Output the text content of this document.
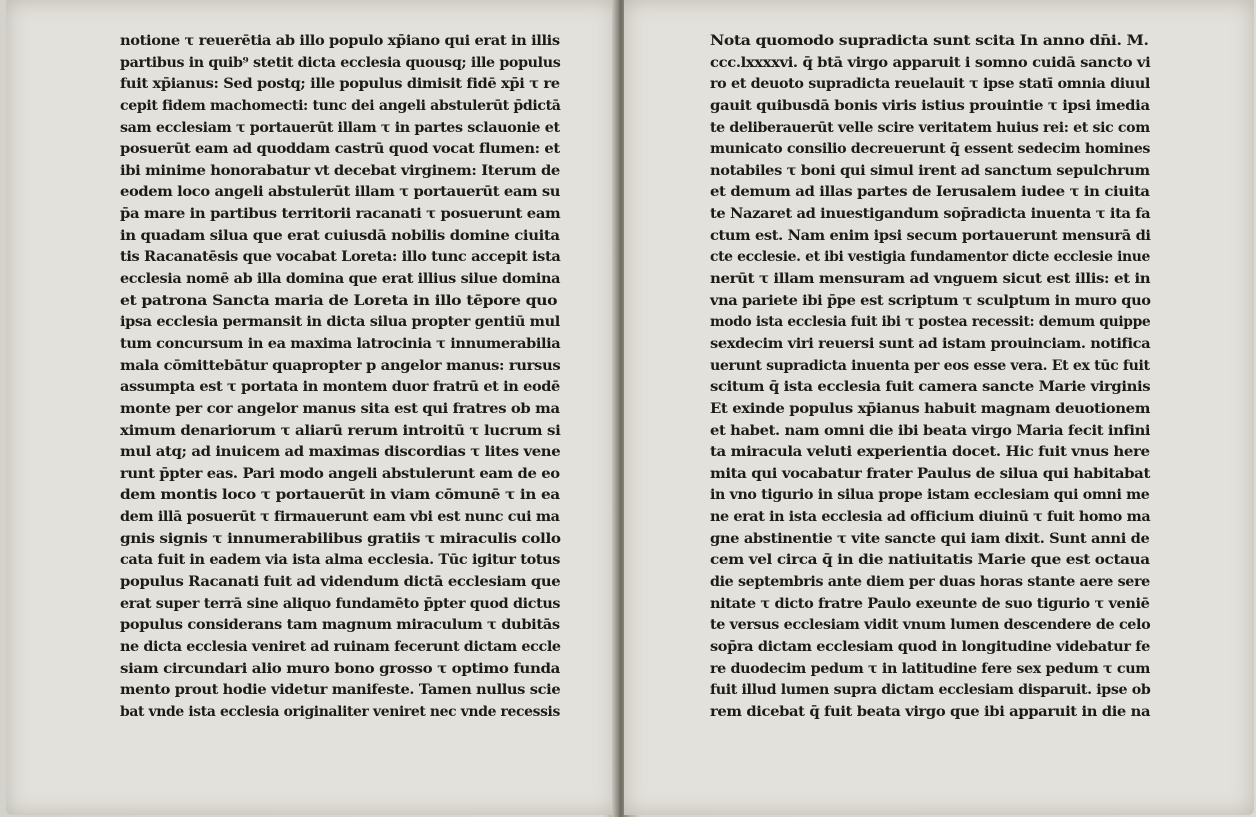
notione τ reuerētia ab illo populo xp̄iano qui erat in illis
partibus in quib⁹ stetit dicta ecclesia quousq; ille populus
fuit xp̄ianus: Sed postq; ille populus dimisit fidē xp̄i τ re
cepit fidem machomecti: tunc dei angeli abstulerūt p̄dictā
sam ecclesiam τ portauerūt illam τ in partes sclauonie et
posuerūt eam ad quoddam castrū quod vocat flumen: et
ibi minime honorabatur vt decebat virginem: Iterum de
eodem loco angeli abstulerūt illam τ portauerūt eam su
p̄a mare in partibus territorii racanati τ posuerunt eam
in quadam silua que erat cuiusdā nobilis domine ciuita
tis Racanatēsis que vocabat Loreta: illo tunc accepit ista
ecclesia nomē ab illa domina que erat illius silue domina
et patrona Sancta maria de Loreta in illo tēpore quo
ipsa ecclesia permansit in dicta silua propter gentiū mul
tum concursum in ea maxima latrocinia τ innumerabilia
mala cōmittebātur quapropter p angelor manus: rursus
assumpta est τ portata in montem duor fratrū et in eodē
monte per cor angelor manus sita est qui fratres ob ma
ximum denariorum τ aliarū rerum introitū τ lucrum si
mul atq; ad inuicem ad maximas discordias τ lites vene
runt p̄pter eas. Pari modo angeli abstulerunt eam de eo
dem montis loco τ portauerūt in viam cōmunē τ in ea
dem illā posuerūt τ firmauerunt eam vbi est nunc cui ma
gnis signis τ innumerabilibus gratiis τ miraculis collo
cata fuit in eadem via ista alma ecclesia. Tūc igitur totus
populus Racanati fuit ad videndum dictā ecclesiam que
erat super terrā sine aliquo fundamēto p̄pter quod dictus
populus considerans tam magnum miraculum τ dubitās
ne dicta ecclesia veniret ad ruinam fecerunt dictam eccle
siam circundari alio muro bono grosso τ optimo funda
mento prout hodie videtur manifeste. Tamen nullus scie
bat vnde ista ecclesia originaliter veniret nec vnde recessis
Nota quomodo supradicta sunt scita In anno dn̄i. M.
ccc.lxxxxvi. q̄ btā virgo apparuit i somno cuidā sancto vi
ro et deuoto supradicta reuelauit τ ipse statī omnia diuul
gauit quibusdā bonis viris istius prouintie τ ipsi imedia
te deliberauerūt velle scire veritatem huius rei: et sic com
municato consilio decreuerunt q̄ essent sedecim homines
notabiles τ boni qui simul irent ad sanctum sepulchrum
et demum ad illas partes de Ierusalem iudee τ in ciuita
te Nazaret ad inuestigandum sop̄radicta inuenta τ ita fa
ctum est. Nam enim ipsi secum portauerunt mensurā di
cte ecclesie. et ibi vestigia fundamentor dicte ecclesie inue
nerūt τ illam mensuram ad vnguem sicut est illis: et in
vna pariete ibi p̄pe est scriptum τ sculptum in muro quo
modo ista ecclesia fuit ibi τ postea recessit: demum quippe
sexdecim viri reuersi sunt ad istam prouinciam. notifica
uerunt supradicta inuenta per eos esse vera. Et ex tūc fuit
scitum q̄ ista ecclesia fuit camera sancte Marie virginis
Et exinde populus xp̄ianus habuit magnam deuotionem
et habet. nam omni die ibi beata virgo Maria fecit infini
ta miracula veluti experientia docet. Hic fuit vnus here
mita qui vocabatur frater Paulus de silua qui habitabat
in vno tigurio in silua prope istam ecclesiam qui omni me
ne erat in ista ecclesia ad officium diuinū τ fuit homo ma
gne abstinentie τ vite sancte qui iam dixit. Sunt anni de
cem vel circa q̄ in die natiuitatis Marie que est octaua
die septembris ante diem per duas horas stante aere sere
nitate τ dicto fratre Paulo exeunte de suo tigurio τ veniē
te versus ecclesiam vidit vnum lumen descendere de celo
sop̄ra dictam ecclesiam quod in longitudine videbatur fe
re duodecim pedum τ in latitudine fere sex pedum τ cum
fuit illud lumen supra dictam ecclesiam disparuit. ipse ob
rem dicebat q̄ fuit beata virgo que ibi apparuit in die na
